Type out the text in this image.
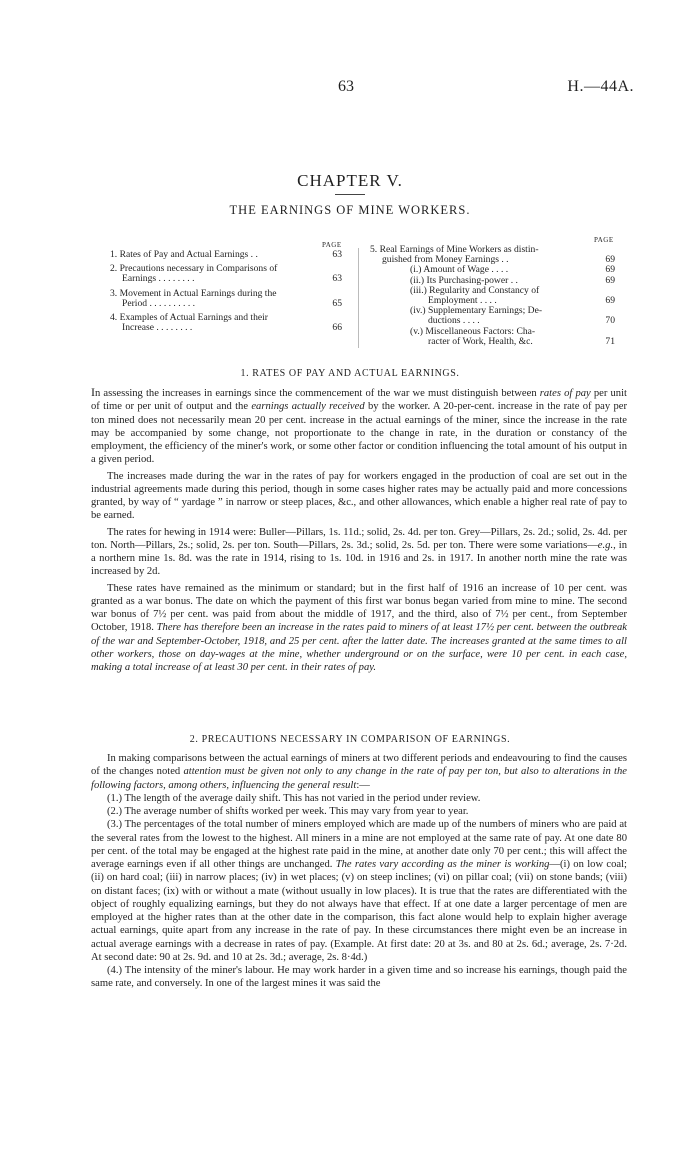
63	H.—44A.
CHAPTER V.
THE EARNINGS OF MINE WORKERS.
PAGE
PAGE
1. Rates of Pay and Actual Earnings . .	63
2. Precautions necessary in Comparisons of
Earnings . . . . . . . .	63
3. Movement in Actual Earnings during the
Period . . . . . . . . . .	65
4. Examples of Actual Earnings and their
Increase . . . . . . . .	66
5. Real Earnings of Mine Workers as distin-
guished from Money Earnings . .	69
(i.) Amount of Wage . . . .	69
(ii.) Its Purchasing-power . .	69
(iii.) Regularity and Constancy of
Employment . . . .	69
(iv.) Supplementary Earnings; De-
ductions . . . .	70
(v.) Miscellaneous Factors: Cha-
racter of Work, Health, &c.	71
1. RATES OF PAY AND ACTUAL EARNINGS.

In assessing the increases in earnings since the commencement of the war we must distinguish between rates of pay per unit of time or per unit of output and the earnings actually received by the worker. A 20-per-cent. increase in the rate of pay per ton mined does not necessarily mean 20 per cent. increase in the actual earnings of the miner, since the increase in the rate may be accompanied by some change, not proportionate to the change in rate, in the duration or constancy of the employment, the efficiency of the miner's work, or some other factor or condition influencing the total amount of his output in a given period.

The increases made during the war in the rates of pay for workers engaged in the production of coal are set out in the industrial agreements made during this period, though in some cases higher rates may be actually paid and more concessions granted, by way of “ yardage ” in narrow or steep places, &c., and other allowances, which enable a higher real rate of pay to be earned.

The rates for hewing in 1914 were: Buller—Pillars, 1s. 11d.; solid, 2s. 4d. per ton. Grey—Pillars, 2s. 2d.; solid, 2s. 4d. per ton. North—Pillars, 2s.; solid, 2s. per ton. South—Pillars, 2s. 3d.; solid, 2s. 5d. per ton. There were some variations—e.g., in a northern mine 1s. 8d. was the rate in 1914, rising to 1s. 10d. in 1916 and 2s. in 1917. In another north mine the rate was increased by 2d.

These rates have remained as the minimum or standard; but in the first half of 1916 an increase of 10 per cent. was granted as a war bonus. The date on which the payment of this first war bonus began varied from mine to mine. The second war bonus of 7½ per cent. was paid from about the middle of 1917, and the third, also of 7½ per cent., from September October, 1918. There has therefore been an increase in the rates paid to miners of at least 17½ per cent. between the outbreak of the war and September-October, 1918, and 25 per cent. after the latter date. The increases granted at the same times to all other workers, those on day-wages at the mine, whether underground or on the surface, were 10 per cent. in each case, making a total increase of at least 30 per cent. in their rates of pay.

2. PRECAUTIONS NECESSARY IN COMPARISON OF EARNINGS.

In making comparisons between the actual earnings of miners at two different periods and endeavouring to find the causes of the changes noted attention must be given not only to any change in the rate of pay per ton, but also to alterations in the following factors, among others, influencing the general result:—

(1.) The length of the average daily shift. This has not varied in the period under review.

(2.) The average number of shifts worked per week. This may vary from year to year.

(3.) The percentages of the total number of miners employed which are made up of the numbers of miners who are paid at the several rates from the lowest to the highest. All miners in a mine are not employed at the same rate of pay. At one date 80 per cent. of the total may be engaged at the highest rate paid in the mine, at another date only 70 per cent.; this will affect the average earnings even if all other things are unchanged. The rates vary according as the miner is working—(i) on low coal; (ii) on hard coal; (iii) in narrow places; (iv) in wet places; (v) on steep inclines; (vi) on pillar coal; (vii) on stone bands; (viii) on distant faces; (ix) with or without a mate (without usually in low places). It is true that the rates are differentiated with the object of roughly equalizing earnings, but they do not always have that effect. If at one date a larger percentage of men are employed at the higher rates than at the other date in the comparison, this fact alone would help to explain higher average actual earnings, quite apart from any increase in the rate of pay. In these circumstances there might even be an increase in actual average earnings with a decrease in rates of pay. (Example. At first date: 20 at 3s. and 80 at 2s. 6d.; average, 2s. 7·2d. At second date: 90 at 2s. 9d. and 10 at 2s. 3d.; average, 2s. 8·4d.)

(4.) The intensity of the miner's labour. He may work harder in a given time and so increase his earnings, though paid the same rate, and conversely. In one of the largest mines it was said the
